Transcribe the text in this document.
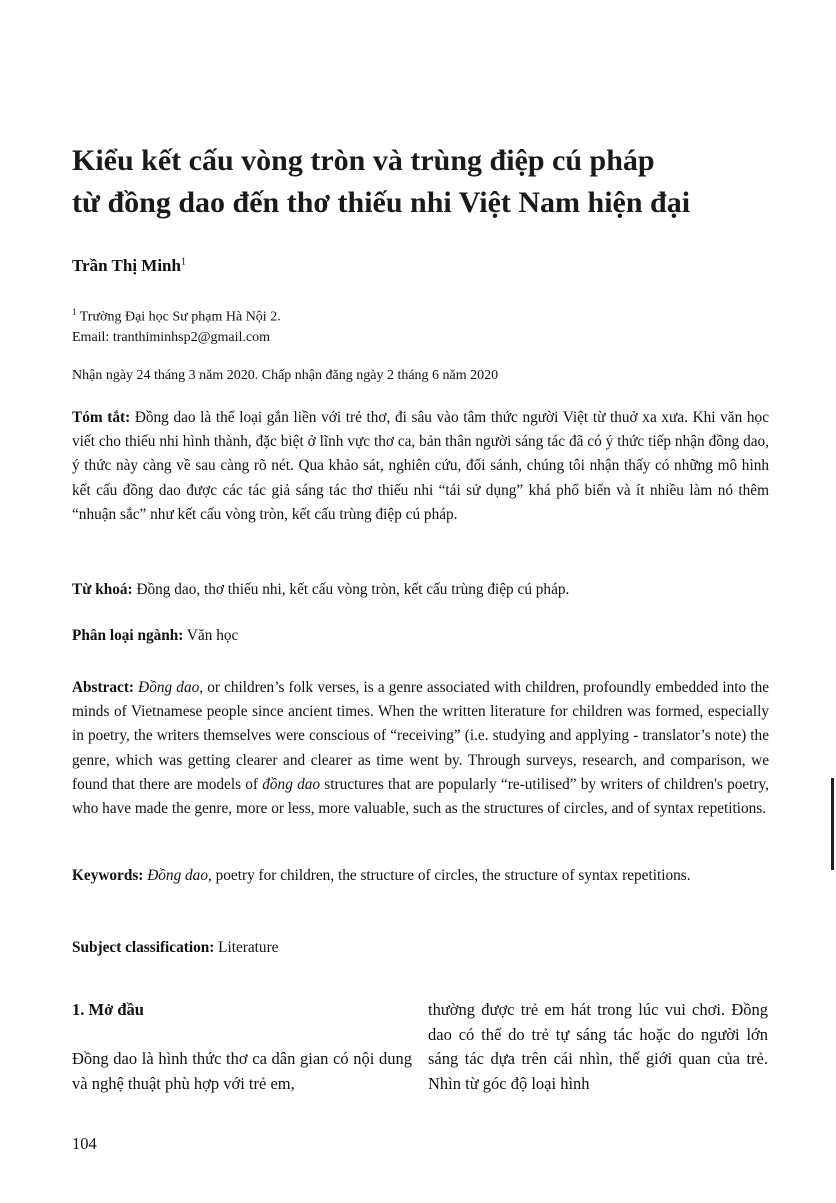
Kiểu kết cấu vòng tròn và trùng điệp cú pháp
từ đồng dao đến thơ thiếu nhi Việt Nam hiện đại
Trần Thị Minh$^1$
$^1$ Trường Đại học Sư phạm Hà Nội 2.
Email: tranthiminhsp2@gmail.com
Nhận ngày 24 tháng 3 năm 2020. Chấp nhận đăng ngày 2 tháng 6 năm 2020
Tóm tắt: Đồng dao là thể loại gắn liền với trẻ thơ, đi sâu vào tâm thức người Việt từ thuở xa xưa. Khi văn học viết cho thiếu nhi hình thành, đặc biệt ở lĩnh vực thơ ca, bản thân người sáng tác đã có ý thức tiếp nhận đồng dao, ý thức này càng về sau càng rõ nét. Qua khảo sát, nghiên cứu, đối sánh, chúng tôi nhận thấy có những mô hình kết cấu đồng dao được các tác giả sáng tác thơ thiếu nhi “tái sử dụng” khá phổ biến và ít nhiều làm nó thêm “nhuận sắc” như kết cấu vòng tròn, kết cấu trùng điệp cú pháp.
Từ khoá: Đồng dao, thơ thiếu nhi, kết cấu vòng tròn, kết cấu trùng điệp cú pháp.
Phân loại ngành: Văn học
Abstract: Đồng dao, or children’s folk verses, is a genre associated with children, profoundly embedded into the minds of Vietnamese people since ancient times. When the written literature for children was formed, especially in poetry, the writers themselves were conscious of “receiving” (i.e. studying and applying - translator’s note) the genre, which was getting clearer and clearer as time went by. Through surveys, research, and comparison, we found that there are models of đồng dao structures that are popularly “re-utilised” by writers of children's poetry, who have made the genre, more or less, more valuable, such as the structures of circles, and of syntax repetitions.
Keywords: Đồng dao, poetry for children, the structure of circles, the structure of syntax repetitions.
Subject classification: Literature
1. Mở đầu
Đồng dao là hình thức thơ ca dân gian có nội dung và nghệ thuật phù hợp với trẻ em,
thường được trẻ em hát trong lúc vui chơi. Đồng dao có thể do trẻ tự sáng tác hoặc do người lớn sáng tác dựa trên cái nhìn, thế giới quan của trẻ. Nhìn từ góc độ loại hình
104
